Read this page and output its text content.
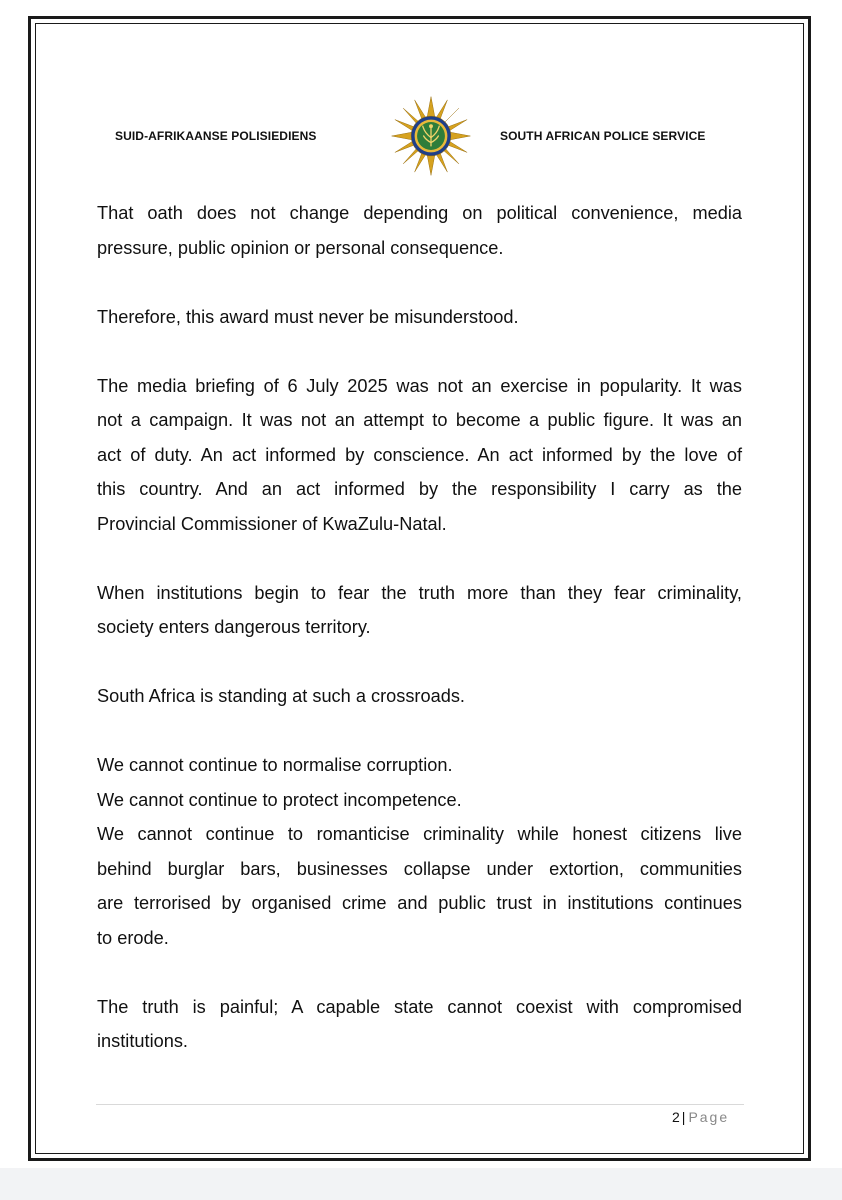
SUID-AFRIKAANSE POLISIEDIENS	SOUTH AFRICAN POLICE SERVICE

That oath does not change depending on political convenience, media
pressure, public opinion or personal consequence.

Therefore, this award must never be misunderstood.

The media briefing of 6 July 2025 was not an exercise in popularity. It was
not a campaign. It was not an attempt to become a public figure. It was an
act of duty. An act informed by conscience. An act informed by the love of
this country. And an act informed by the responsibility I carry as the
Provincial Commissioner of KwaZulu-Natal.

When institutions begin to fear the truth more than they fear criminality,
society enters dangerous territory.

South Africa is standing at such a crossroads.

We cannot continue to normalise corruption.
We cannot continue to protect incompetence.
We cannot continue to romanticise criminality while honest citizens live
behind burglar bars, businesses collapse under extortion, communities
are terrorised by organised crime and public trust in institutions continues
to erode.

The truth is painful; A capable state cannot coexist with compromised
institutions.

2 | Page
